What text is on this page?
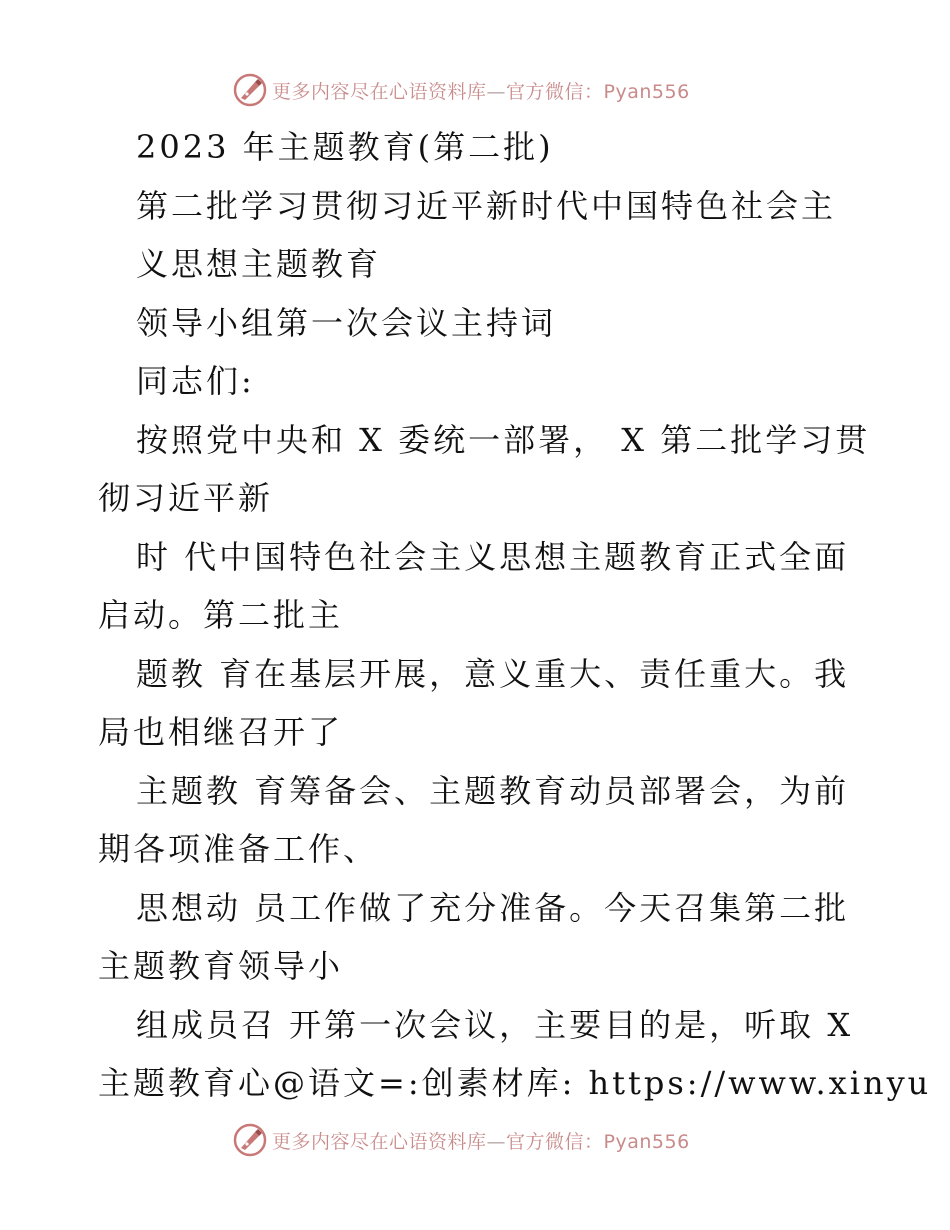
更多内容尽在心语资料库—官方微信：Pyan556
2023 年主题教育(第二批)
第二批学习贯彻习近平新时代中国特色社会主
义思想主题教育
领导小组第一次会议主持词
同志们:
按照党中央和 X 委统一部署， X 第二批学习贯
彻习近平新
时 代中国特色社会主义思想主题教育正式全面
启动。第二批主
题教 育在基层开展，意义重大、责任重大。我
局也相继召开了
主题教 育筹备会、主题教育动员部署会，为前
期各项准备工作、
思想动 员工作做了充分准备。今天召集第二批
主题教育领导小
组成员召 开第一次会议，主要目的是，听取 X
主题教育心@语文=:创素材库: https://www.xinyu
更多内容尽在心语资料库—官方微信：Pyan556
